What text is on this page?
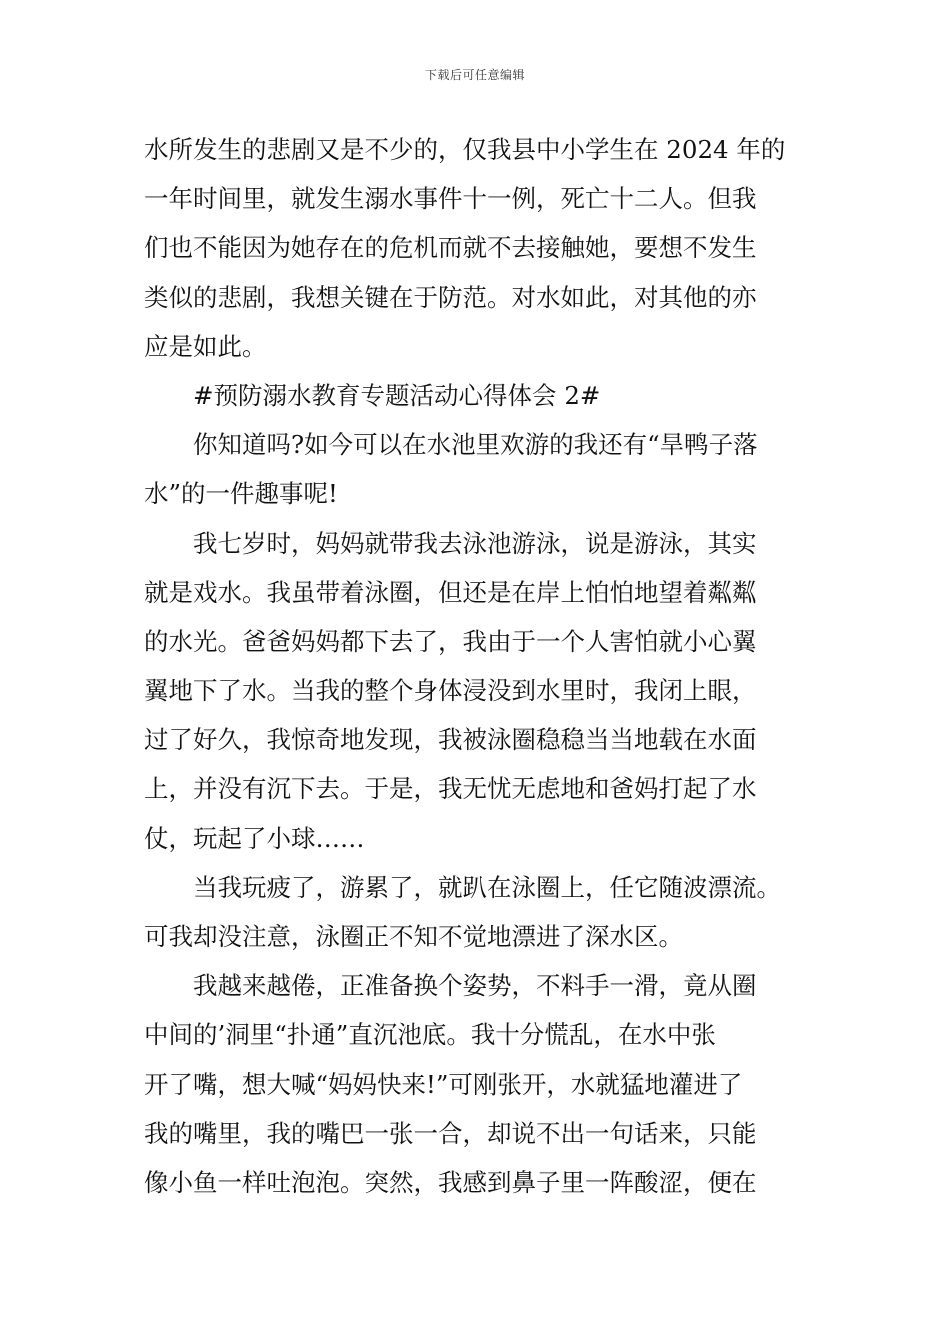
下载后可任意编辑
水所发生的悲剧又是不少的，仅我县中小学生在 2024 年的
一年时间里，就发生溺水事件十一例，死亡十二人。但我
们也不能因为她存在的危机而就不去接触她，要想不发生
类似的悲剧，我想关键在于防范。对水如此，对其他的亦
应是如此。
#预防溺水教育专题活动心得体会 2#
你知道吗?如今可以在水池里欢游的我还有“旱鸭子落
水”的一件趣事呢!
我七岁时，妈妈就带我去泳池游泳，说是游泳，其实
就是戏水。我虽带着泳圈，但还是在岸上怕怕地望着粼粼
的水光。爸爸妈妈都下去了，我由于一个人害怕就小心翼
翼地下了水。当我的整个身体浸没到水里时，我闭上眼，
过了好久，我惊奇地发现，我被泳圈稳稳当当地载在水面
上，并没有沉下去。于是，我无忧无虑地和爸妈打起了水
仗，玩起了小球……
当我玩疲了，游累了，就趴在泳圈上，任它随波漂流。
可我却没注意，泳圈正不知不觉地漂进了深水区。
我越来越倦，正准备换个姿势，不料手一滑，竟从圈
中间的’洞里“扑通”直沉池底。我十分慌乱，在水中张
开了嘴，想大喊“妈妈快来!”可刚张开，水就猛地灌进了
我的嘴里，我的嘴巴一张一合，却说不出一句话来，只能
像小鱼一样吐泡泡。突然，我感到鼻子里一阵酸涩，便在
